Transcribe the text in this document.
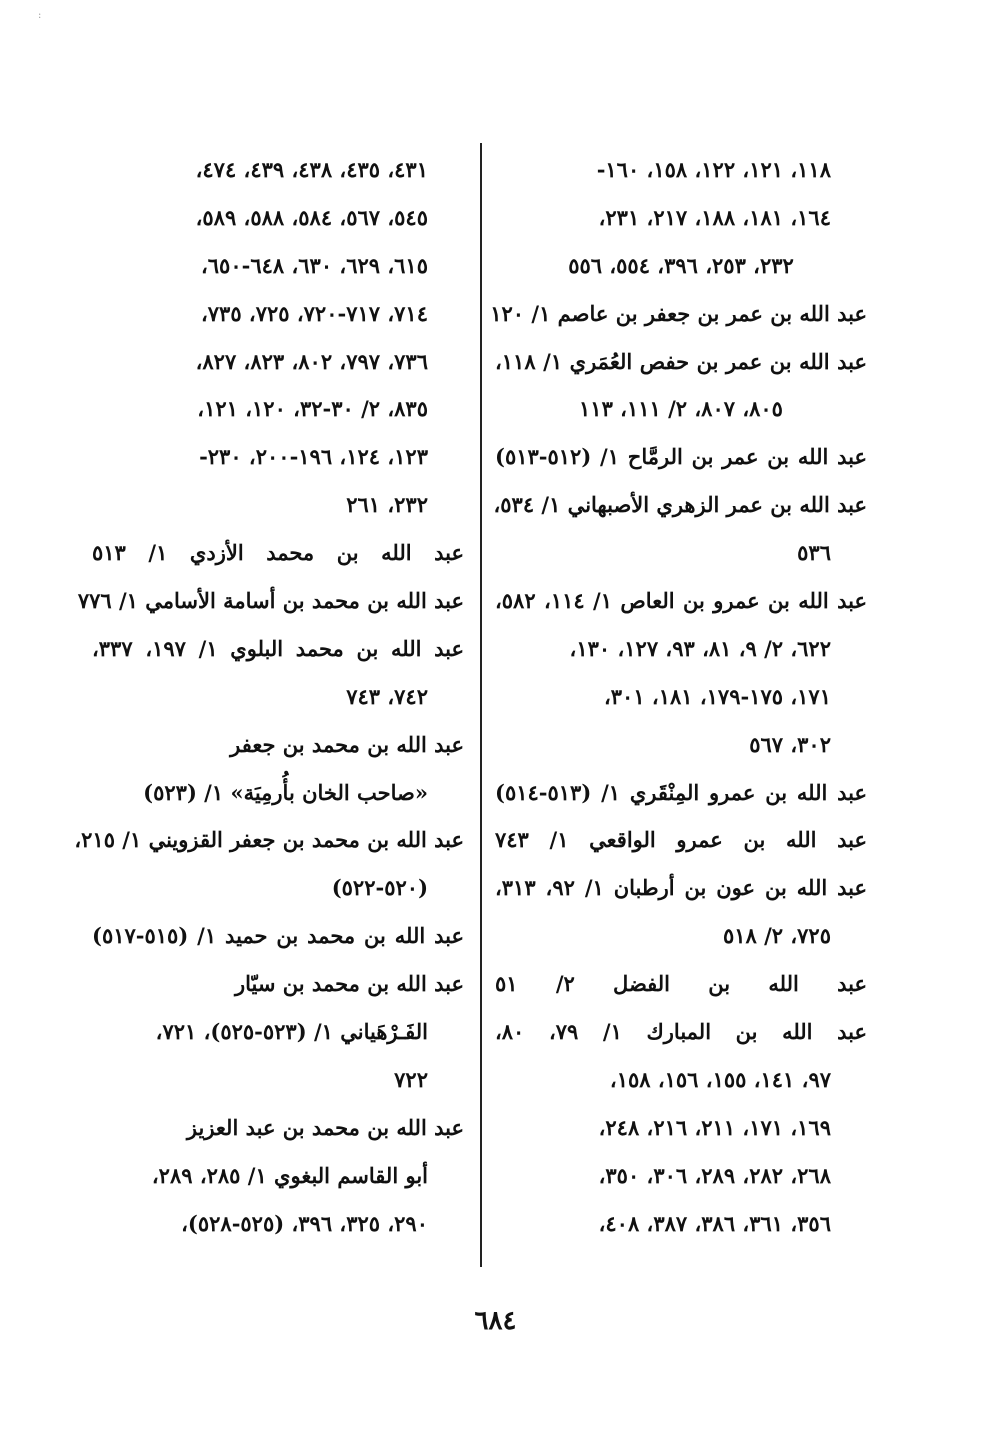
:
١١٨، ١٢١، ١٢٢، ١٥٨، ١٦٠-
١٦٤، ١٨١، ١٨٨، ٢١٧، ٢٣١،
٢٣٢، ٢٥٣، ٣٩٦، ٥٥٤، ٥٥٦
عبد الله بن عمر بن جعفر بن عاصم ١/ ١٢٠
عبد الله بن عمر بن حفص العُمَري ١/ ١١٨،
٨٠٥، ٨٠٧، ٢/ ١١١، ١١٣
عبد الله بن عمر بن الرمَّاح ١/ (٥١٢-٥١٣)
عبد الله بن عمر الزهري الأصبهاني ١/ ٥٣٤،
٥٣٦
عبد الله بن عمرو بن العاص ١/ ١١٤، ٥٨٢،
٦٢٢، ٢/ ٩، ٨١، ٩٣، ١٢٧، ١٣٠،
١٧١، ١٧٥-١٧٩، ١٨١، ٣٠١،
٣٠٢، ٥٦٧
عبد الله بن عمرو المِنْقَري ١/ (٥١٣-٥١٤)
عبد الله بن عمرو الواقعي ١/ ٧٤٣
عبد الله بن عون بن أرطبان ١/ ٩٢، ٣١٣،
٧٢٥، ٢/ ٥١٨
عبد الله بن الفضل ٢/ ٥١
عبد الله بن المبارك ١/ ٧٩، ٨٠،
٩٧، ١٤١، ١٥٥، ١٥٦، ١٥٨،
١٦٩، ١٧١، ٢١١، ٢١٦، ٢٤٨،
٢٦٨، ٢٨٢، ٢٨٩، ٣٠٦، ٣٥٠،
٣٥٦، ٣٦١، ٣٨٦، ٣٨٧، ٤٠٨،
٤٣١، ٤٣٥، ٤٣٨، ٤٣٩، ٤٧٤،
٥٤٥، ٥٦٧، ٥٨٤، ٥٨٨، ٥٨٩،
٦١٥، ٦٢٩، ٦٣٠، ٦٤٨-٦٥٠،
٧١٤، ٧١٧-٧٢٠، ٧٢٥، ٧٣٥،
٧٣٦، ٧٩٧، ٨٠٢، ٨٢٣، ٨٢٧،
٨٣٥، ٢/ ٣٠-٣٢، ١٢٠، ١٢١،
١٢٣، ١٢٤، ١٩٦-٢٠٠، ٢٣٠-
٢٣٢، ٢٦١
عبد الله بن محمد الأزدي ١/ ٥١٣
عبد الله بن محمد بن أسامة الأسامي ١/ ٧٧٦
عبد الله بن محمد البلوي ١/ ١٩٧، ٣٣٧،
٧٤٢، ٧٤٣
عبد الله بن محمد بن جعفر
«صاحب الخان بأُرمِيَة» ١/ (٥٢٣)
عبد الله بن محمد بن جعفر القزويني ١/ ٢١٥،
(٥٢٠-٥٢٢)
عبد الله بن محمد بن حميد ١/ (٥١٥-٥١٧)
عبد الله بن محمد بن سيّار
الفَـرْهَياني ١/ (٥٢٣-٥٢٥)، ٧٢١،
٧٢٢
عبد الله بن محمد بن عبد العزيز
أبو القاسم البغوي ١/ ٢٨٥، ٢٨٩،
٢٩٠، ٣٢٥، ٣٩٦، (٥٢٥-٥٢٨)،
٦٨٤
